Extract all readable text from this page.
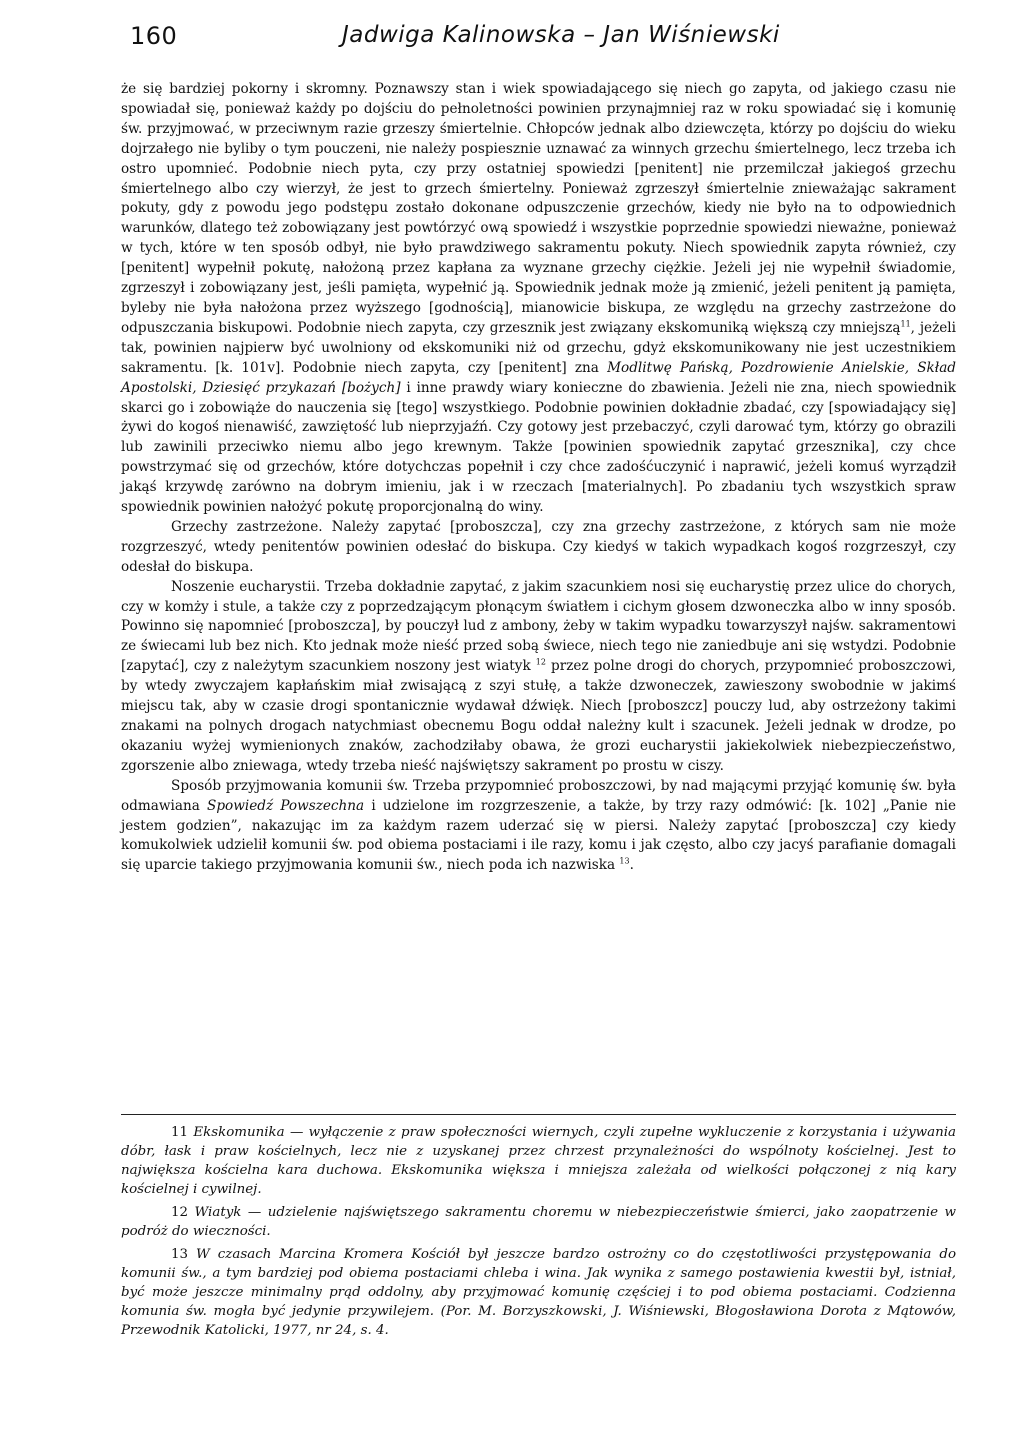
160	Jadwiga Kalinowska – Jan Wiśniewski

że się bardziej pokorny i skromny. Poznawszy stan i wiek spowiadającego się niech go zapyta, od jakiego czasu nie spowiadał się, ponieważ każdy po dojściu do pełnoletności powinien przynajmniej raz w roku spowiadać się i komunię św. przyjmować, w przeciwnym razie grzeszy śmiertelnie. Chłopców jednak albo dziewczęta, którzy po dojściu do wieku dojrzałego nie byliby o tym pouczeni, nie należy pospiesznie uznawać za winnych grzechu śmiertelnego, lecz trzeba ich ostro upomnieć. Podobnie niech pyta, czy przy ostatniej spowiedzi [penitent] nie przemilczał jakiegoś grzechu śmiertelnego albo czy wierzył, że jest to grzech śmiertelny. Ponieważ zgrzeszył śmiertelnie znieważając sakrament pokuty, gdy z powodu jego podstępu zostało dokonane odpuszczenie grzechów, kiedy nie było na to odpowiednich warunków, dlatego też zobowiązany jest powtórzyć ową spowiedź i wszystkie poprzednie spowiedzi nieważne, ponieważ w tych, które w ten sposób odbył, nie było prawdziwego sakramentu pokuty. Niech spowiednik zapyta również, czy [penitent] wypełnił pokutę, nałożoną przez kapłana za wyznane grzechy ciężkie. Jeżeli jej nie wypełnił świadomie, zgrzeszył i zobowiązany jest, jeśli pamięta, wypełnić ją. Spowiednik jednak może ją zmienić, jeżeli penitent ją pamięta, byleby nie była nałożona przez wyższego [godnością], mianowicie biskupa, ze względu na grzechy zastrzeżone do odpuszczania biskupowi. Podobnie niech zapyta, czy grzesznik jest związany ekskomuniką większą czy mniejszą$^{11}$, jeżeli tak, powinien najpierw być uwolniony od ekskomuniki niż od grzechu, gdyż ekskomunikowany nie jest uczestnikiem sakramentu. [k. 101v]. Podobnie niech zapyta, czy [penitent] zna Modlitwę Pańską, Pozdrowienie Anielskie, Skład Apostolski, Dziesięć przykazań [bożych] i inne prawdy wiary konieczne do zbawienia. Jeżeli nie zna, niech spowiednik skarci go i zobowiąże do nauczenia się [tego] wszystkiego. Podobnie powinien dokładnie zbadać, czy [spowiadający się] żywi do kogoś nienawiść, zawziętość lub nieprzyjaźń. Czy gotowy jest przebaczyć, czyli darować tym, którzy go obrazili lub zawinili przeciwko niemu albo jego krewnym. Także [powinien spowiednik zapytać grzesznika], czy chce powstrzymać się od grzechów, które dotychczas popełnił i czy chce zadośćuczynić i naprawić, jeżeli komuś wyrządził jakąś krzywdę zarówno na dobrym imieniu, jak i w rzeczach [materialnych]. Po zbadaniu tych wszystkich spraw spowiednik powinien nałożyć pokutę proporcjonalną do winy.

Grzechy zastrzeżone. Należy zapytać [proboszcza], czy zna grzechy zastrzeżone, z których sam nie może rozgrzeszyć, wtedy penitentów powinien odesłać do biskupa. Czy kiedyś w takich wypadkach kogoś rozgrzeszył, czy odesłał do biskupa.

Noszenie eucharystii. Trzeba dokładnie zapytać, z jakim szacunkiem nosi się eucharystię przez ulice do chorych, czy w komży i stule, a także czy z poprzedzającym płonącym światłem i cichym głosem dzwoneczka albo w inny sposób. Powinno się napomnieć [proboszcza], by pouczył lud z ambony, żeby w takim wypadku towarzyszył najśw. sakramentowi ze świecami lub bez nich. Kto jednak może nieść przed sobą świece, niech tego nie zaniedbuje ani się wstydzi. Podobnie [zapytać], czy z należytym szacunkiem noszony jest wiatyk $^{12}$ przez polne drogi do chorych, przypomnieć proboszczowi, by wtedy zwyczajem kapłańskim miał zwisającą z szyi stułę, a także dzwoneczek, zawieszony swobodnie w jakimś miejscu tak, aby w czasie drogi spontanicznie wydawał dźwięk. Niech [proboszcz] pouczy lud, aby ostrzeżony takimi znakami na polnych drogach natychmiast obecnemu Bogu oddał należny kult i szacunek. Jeżeli jednak w drodze, po okazaniu wyżej wymienionych znaków, zachodziłaby obawa, że grozi eucharystii jakiekolwiek niebezpieczeństwo, zgorszenie albo zniewaga, wtedy trzeba nieść najświętszy sakrament po prostu w ciszy.

Sposób przyjmowania komunii św. Trzeba przypomnieć proboszczowi, by nad mającymi przyjąć komunię św. była odmawiana Spowiedź Powszechna i udzielone im rozgrzeszenie, a także, by trzy razy odmówić: [k. 102] „Panie nie jestem godzien”, nakazując im za każdym razem uderzać się w piersi. Należy zapytać [proboszcza] czy kiedy komukolwiek udzielił komunii św. pod obiema postaciami i ile razy, komu i jak często, albo czy jacyś parafianie domagali się uparcie takiego przyjmowania komunii św., niech poda ich nazwiska $^{13}$.

11 Ekskomunika — wyłączenie z praw społeczności wiernych, czyli zupełne wykluczenie z korzystania i używania dóbr, łask i praw kościelnych, lecz nie z uzyskanej przez chrzest przynależności do wspólnoty kościelnej. Jest to największa kościelna kara duchowa. Ekskomunika większa i mniejsza zależała od wielkości połączonej z nią kary kościelnej i cywilnej.

12 Wiatyk — udzielenie najświętszego sakramentu choremu w niebezpieczeństwie śmierci, jako zaopatrzenie w podróż do wieczności.

13 W czasach Marcina Kromera Kościół był jeszcze bardzo ostrożny co do częstotliwości przystępowania do komunii św., a tym bardziej pod obiema postaciami chleba i wina. Jak wynika z samego postawienia kwestii był, istniał, być może jeszcze minimalny prąd oddolny, aby przyjmować komunię częściej i to pod obiema postaciami. Codzienna komunia św. mogła być jedynie przywilejem. (Por. M. Borzyszkowski, J. Wiśniewski, Błogosławiona Dorota z Mątowów, Przewodnik Katolicki, 1977, nr 24, s. 4.
